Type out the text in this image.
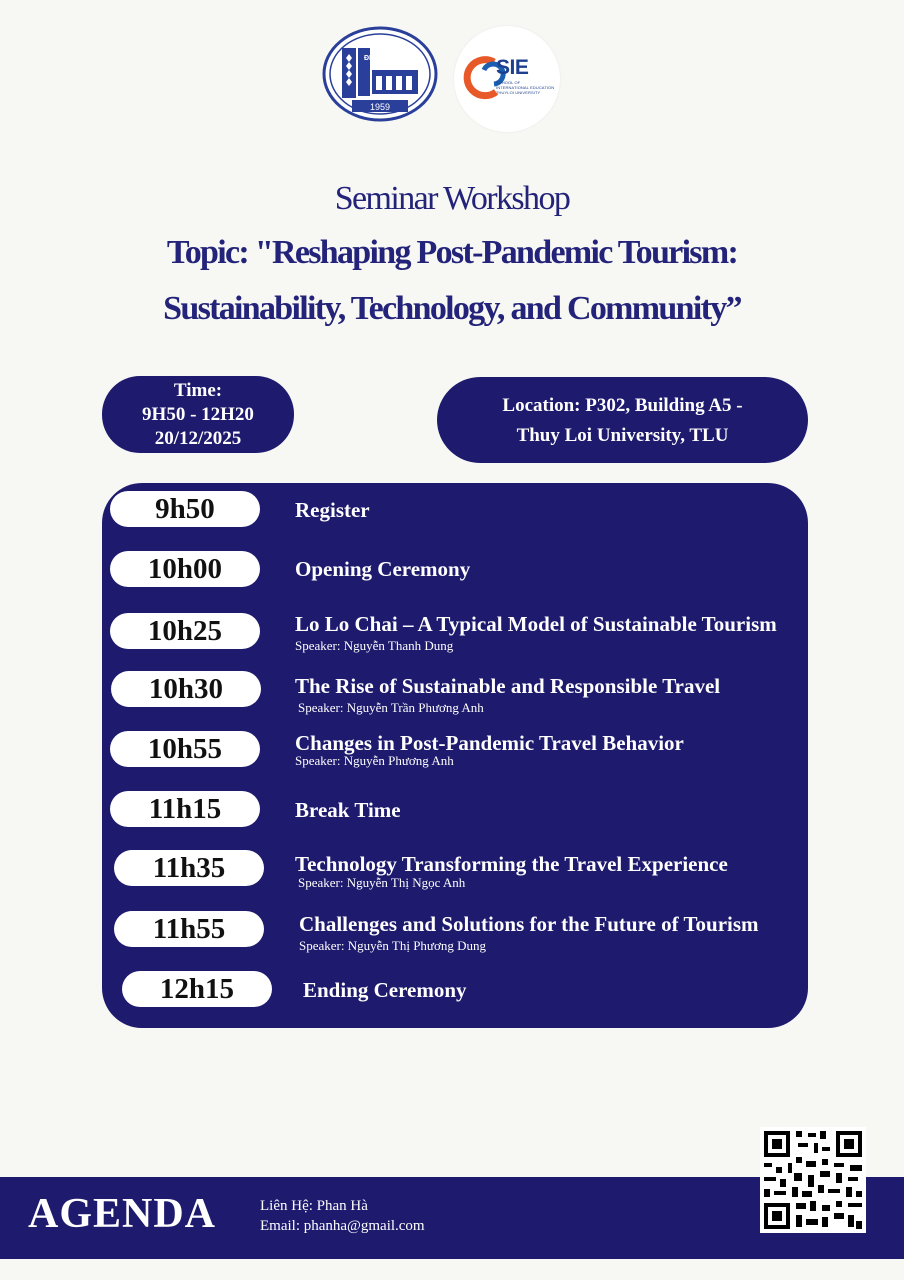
ĐHTL
1959
SIE
SCHOOL OF
INTERNATIONAL EDUCATION
THUYLOI UNIVERSITY
Seminar Workshop
Topic: "Reshaping Post-Pandemic Tourism:
Sustainability, Technology, and Community”
Time:
9H50 - 12H20
20/12/2025
Location: P302, Building A5 -
Thuy Loi University, TLU
9h50	Register
10h00	Opening Ceremony
10h25	Lo Lo Chai – A Typical Model of Sustainable Tourism
Speaker: Nguyễn Thanh Dung
10h30	The Rise of Sustainable and Responsible Travel
Speaker: Nguyễn Trần Phương Anh
10h55	Changes in Post-Pandemic Travel Behavior
Speaker: Nguyễn Phương Anh
11h15	Break Time
11h35	Technology Transforming the Travel Experience
Speaker: Nguyễn Thị Ngọc Anh
11h55	Challenges and Solutions for the Future of Tourism
Speaker: Nguyễn Thị Phương Dung
12h15	Ending Ceremony
AGENDA	Liên Hệ: Phan Hà
Email: phanha@gmail.com
